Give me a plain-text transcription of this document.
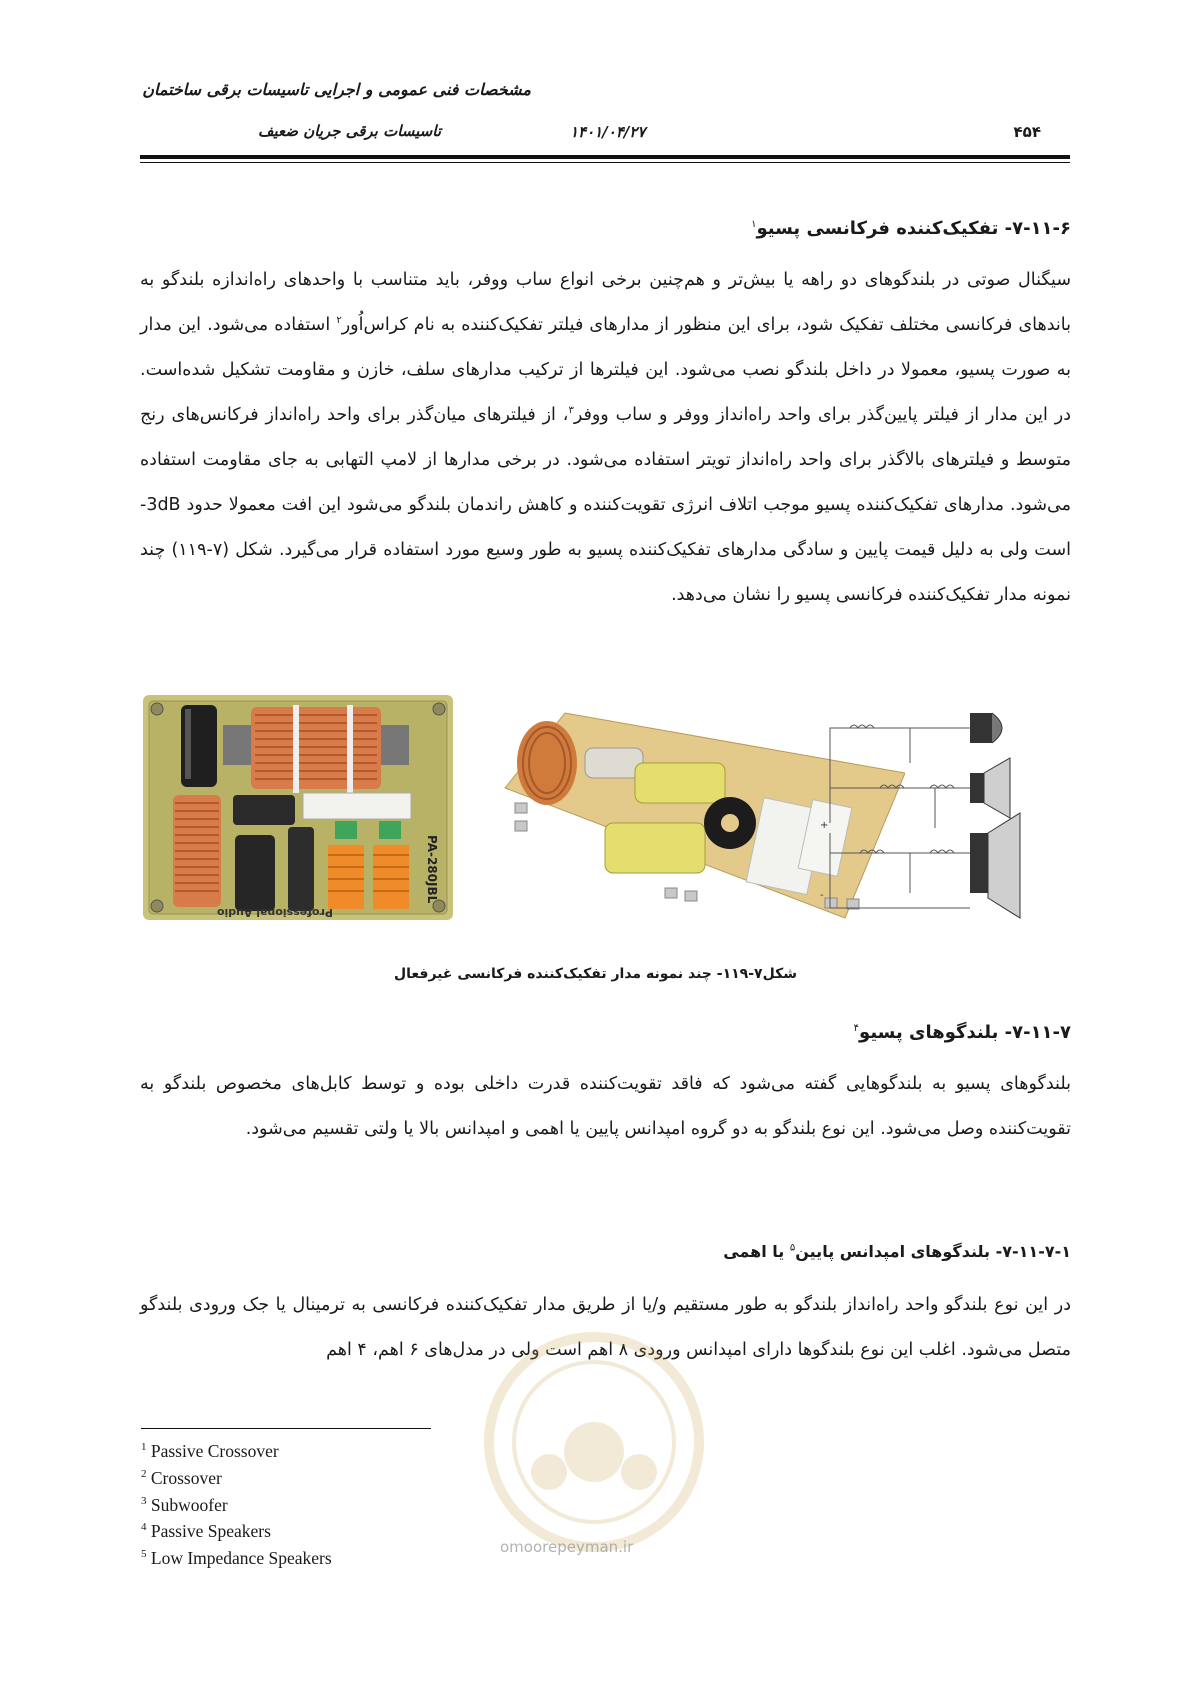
مشخصات فنی عمومی و اجرایی تاسیسات برقی ساختمان
تاسیسات برقی جریان ضعیف	۱۴۰۱/۰۴/۲۷	۴۵۴
۷-۱۱-۶- تفکیک‌کننده فرکانسی پسیو$^۱$
سیگنال صوتی در بلندگوهای دو راهه یا بیش‌تر و هم‌چنین برخی انواع ساب ووفر، باید متناسب با واحدهای راه‌اندازه بلندگو به باندهای فرکانسی مختلف تفکیک شود، برای این منظور از مدارهای فیلتر تفکیک‌کننده به نام کراس‌اُور$^۲$ استفاده می‌شود. این مدار به صورت پسیو، معمولا در داخل بلندگو نصب می‌شود. این فیلترها از ترکیب مدارهای سلف، خازن و مقاومت تشکیل شده‌است. در این مدار از فیلتر پایین‌گذر برای واحد راه‌انداز ووفر و ساب ووفر$^۳$، از فیلترهای میان‌گذر برای واحد راه‌انداز فرکانس‌های رنج متوسط و فیلترهای بالاگذر برای واحد راه‌انداز تویتر استفاده می‌شود. در برخی مدارها از لامپ التهابی به جای مقاومت استفاده می‌شود. مدارهای تفکیک‌کننده پسیو موجب اتلاف انرژی تقویت‌کننده و کاهش راندمان بلندگو می‌شود این افت معمولا حدود ‎-3dB‏ است ولی به دلیل قیمت پایین و سادگی مدارهای تفکیک‌کننده پسیو به طور وسیع مورد استفاده قرار می‌گیرد. شکل (۷-۱۱۹) چند نمونه مدار تفکیک‌کننده فرکانسی پسیو را نشان می‌دهد.
PA-280JBL
Professional Audio
+
-
شکل۷-۱۱۹- چند نمونه مدار تفکیک‌کننده فرکانسی غیرفعال
۷-۱۱-۷- بلندگوهای پسیو$^۴$
بلندگوهای پسیو به بلندگوهایی گفته می‌شود که فاقد تقویت‌کننده قدرت داخلی بوده و توسط کابل‌های مخصوص بلندگو به تقویت‌کننده وصل می‌شود. این نوع بلندگو به دو گروه امپدانس پایین یا اهمی و امپدانس بالا یا ولتی تقسیم می‌شود.
۷-۱۱-۷-۱- بلندگوهای امپدانس پایین$^۵$ یا اهمی
در این نوع بلندگو واحد راه‌انداز بلندگو به طور مستقیم و/یا از طریق مدار تفکیک‌کننده فرکانسی به ترمینال یا جک ورودی بلندگو متصل می‌شود. اغلب این نوع بلندگوها دارای امپدانس ورودی ۸ اهم است ولی در مدل‌های ۶ اهم، ۴ اهم
omoorepeyman.ir
$^1$ Passive Crossover
$^2$ Crossover
$^3$ Subwoofer
$^4$ Passive Speakers
$^5$ Low Impedance Speakers
